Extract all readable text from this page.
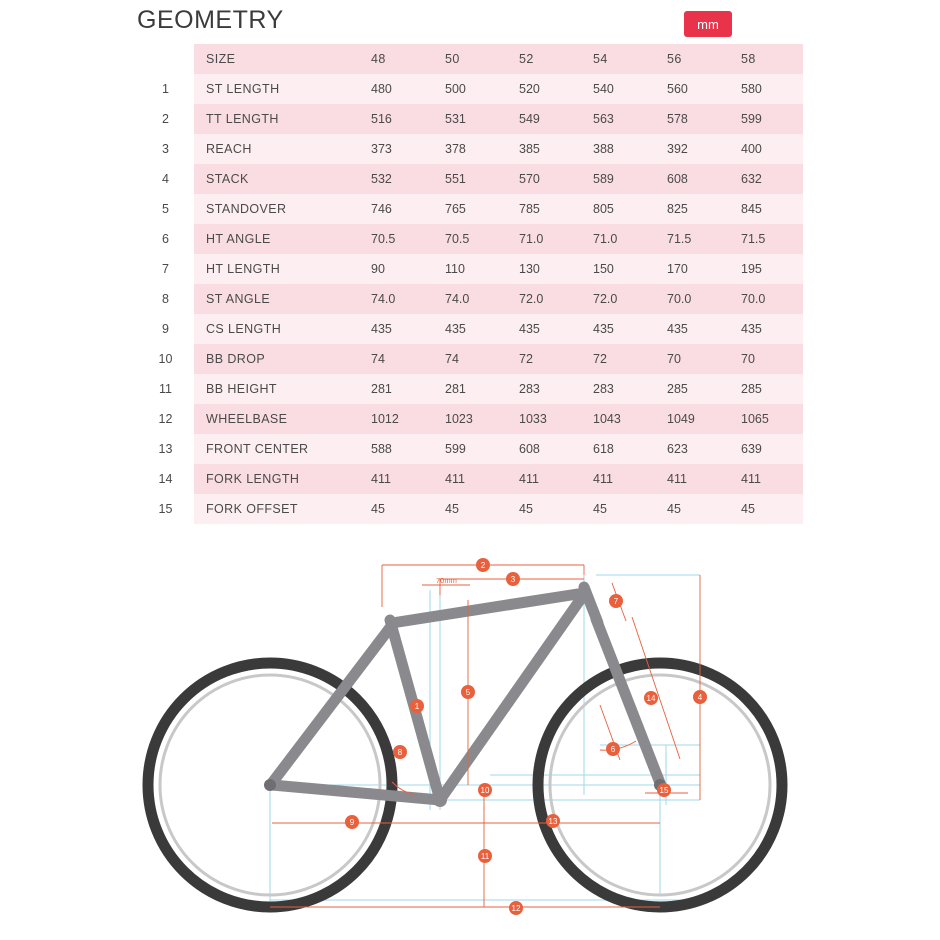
GEOMETRY	mm
	SIZE	48	50	52	54	56	58
1	ST LENGTH	480	500	520	540	560	580
2	TT LENGTH	516	531	549	563	578	599
3	REACH	373	378	385	388	392	400
4	STACK	532	551	570	589	608	632
5	STANDOVER	746	765	785	805	825	845
6	HT ANGLE	70.5	70.5	71.0	71.0	71.5	71.5
7	HT LENGTH	90	110	130	150	170	195
8	ST ANGLE	74.0	74.0	72.0	72.0	70.0	70.0
9	CS LENGTH	435	435	435	435	435	435
10	BB DROP	74	74	72	72	70	70
11	BB HEIGHT	281	281	283	283	285	285
12	WHEELBASE	1012	1023	1033	1043	1049	1065
13	FRONT CENTER	588	599	608	618	623	639
14	FORK LENGTH	411	411	411	411	411	411
15	FORK OFFSET	45	45	45	45	45	45
70mm
1
2
3
4
5
6
7
8
9
10
11
12
13
14
15
